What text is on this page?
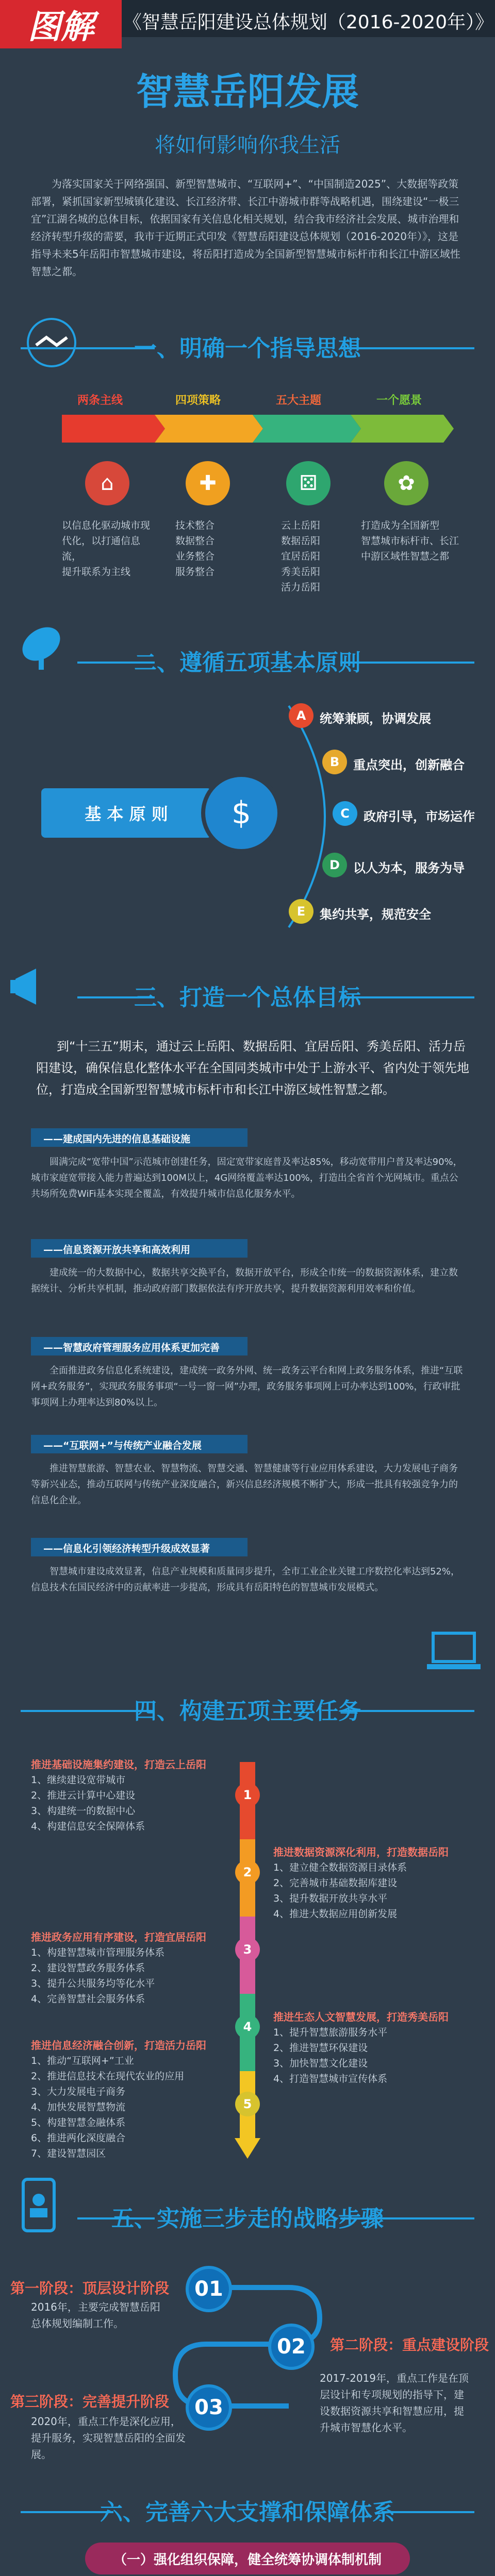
图解	《智慧岳阳建设总体规划（2016-2020年）》
智慧岳阳发展
将如何影响你我生活
为落实国家关于网络强国、新型智慧城市、“互联网+”、“中国制造2025”、大数据等政策部署，紧抓国家新型城镇化建设、长江经济带、长江中游城市群等战略机遇，围绕建设“一极三宜”江湖名城的总体目标，依据国家有关信息化相关规划，结合我市经济社会发展、城市治理和经济转型升级的需要，我市于近期正式印发《智慧岳阳建设总体规划（2016-2020年）》，这是指导未来5年岳阳市智慧城市建设，将岳阳打造成为全国新型智慧城市标杆市和长江中游区域性智慧之都。
一、明确一个指导思想
两条主线	四项策略	五大主题	一个愿景
⌂	✚	⚄	✿
以信息化驱动城市现
代化，以打通信息流，
提升联系为主线
技术整合
数据整合
业务整合
服务整合
云上岳阳
数据岳阳
宜居岳阳
秀美岳阳
活力岳阳
打造成为全国新型
智慧城市标杆市、长江
中游区域性智慧之都
二、遵循五项基本原则
基 本 原 则	$
A	统筹兼顾，协调发展
B	重点突出，创新融合
C	政府引导，市场运作
D	以人为本，服务为导
E	集约共享，规范安全
三、打造一个总体目标
到“十三五”期末，通过云上岳阳、数据岳阳、宜居岳阳、秀美岳阳、活力岳阳建设，确保信息化整体水平在全国同类城市中处于上游水平、省内处于领先地位，打造成全国新型智慧城市标杆市和长江中游区域性智慧之都。
——建成国内先进的信息基础设施
圆满完成“宽带中国”示范城市创建任务，固定宽带家庭普及率达85%，移动宽带用户普及率达90%，城市家庭宽带接入能力普遍达到100M以上，4G网络覆盖率达100%，打造出全省首个光网城市。重点公共场所免费WiFi基本实现全覆盖，有效提升城市信息化服务水平。
——信息资源开放共享和高效利用
建成统一的大数据中心，数据共享交换平台，数据开放平台，形成全市统一的数据资源体系，建立数据统计、分析共享机制，推动政府部门数据依法有序开放共享，提升数据资源利用效率和价值。
——智慧政府管理服务应用体系更加完善
全面推进政务信息化系统建设，建成统一政务外网、统一政务云平台和网上政务服务体系，推进“互联网+政务服务”，实现政务服务事项“一号一窗一网”办理，政务服务事项网上可办率达到100%，行政审批事项网上办理率达到80%以上。
——“互联网+”与传统产业融合发展
推进智慧旅游、智慧农业、智慧物流、智慧交通、智慧健康等行业应用体系建设，大力发展电子商务等新兴业态，推动互联网与传统产业深度融合，新兴信息经济规模不断扩大，形成一批具有较强竞争力的信息化企业。
——信息化引领经济转型升级成效显著
智慧城市建设成效显著，信息产业规模和质量同步提升，全市工业企业关键工序数控化率达到52%，信息技术在国民经济中的贡献率进一步提高，形成具有岳阳特色的智慧城市发展模式。
四、构建五项主要任务
1
2
3
4
5
推进基础设施集约建设，打造云上岳阳
1、继续建设宽带城市
2、推进云计算中心建设
3、构建统一的数据中心
4、构建信息安全保障体系
推进数据资源深化利用，打造数据岳阳
1、建立健全数据资源目录体系
2、完善城市基础数据库建设
3、提升数据开放共享水平
4、推进大数据应用创新发展
推进政务应用有序建设，打造宜居岳阳
1、构建智慧城市管理服务体系
2、建设智慧政务服务体系
3、提升公共服务均等化水平
4、完善智慧社会服务体系
推进生态人文智慧发展，打造秀美岳阳
1、提升智慧旅游服务水平
2、推进智慧环保建设
3、加快智慧文化建设
4、打造智慧城市宣传体系
推进信息经济融合创新，打造活力岳阳
1、推动“互联网+”工业
2、推进信息技术在现代农业的应用
3、大力发展电子商务
4、加快发展智慧物流
5、构建智慧金融体系
6、推进两化深度融合
7、建设智慧园区
五、实施三步走的战略步骤
01
02
03
第一阶段：顶层设计阶段
2016年，主要完成智慧岳阳
总体规划编制工作。
第二阶段：重点建设阶段
2017-2019年，重点工作是在顶
层设计和专项规划的指导下，建
设数据资源共享和智慧应用，提
升城市智慧化水平。
第三阶段：完善提升阶段
2020年，重点工作是深化应用，
提升服务，实现智慧岳阳的全面发展。
六、完善六大支撑和保障体系
（一）强化组织保障，健全统筹协调体制机制
